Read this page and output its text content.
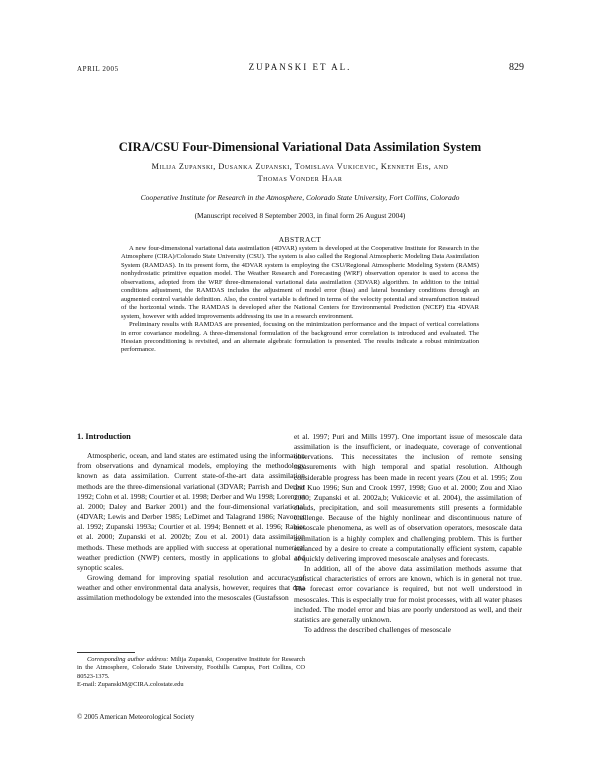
APRIL 2005	ZUPANSKI ET AL.	829
CIRA/CSU Four-Dimensional Variational Data Assimilation System
Milija Zupanski, Dusanka Zupanski, Tomislava Vukicevic, Kenneth Eis, and
Thomas Vonder Haar
Cooperative Institute for Research in the Atmosphere, Colorado State University, Fort Collins, Colorado
(Manuscript received 8 September 2003, in final form 26 August 2004)
ABSTRACT

A new four-dimensional variational data assimilation (4DVAR) system is developed at the Cooperative Institute for Research in the Atmosphere (CIRA)/Colorado State University (CSU). The system is also called the Regional Atmospheric Modeling Data Assimilation System (RAMDAS). In its present form, the 4DVAR system is employing the CSU/Regional Atmospheric Modeling System (RAMS) nonhydrostatic primitive equation model. The Weather Research and Forecasting (WRF) observation operator is used to access the observations, adopted from the WRF three-dimensional variational data assimilation (3DVAR) algorithm. In addition to the initial conditions adjustment, the RAMDAS includes the adjustment of model error (bias) and lateral boundary conditions through an augmented control variable definition. Also, the control variable is defined in terms of the velocity potential and streamfunction instead of the horizontal winds. The RAMDAS is developed after the National Centers for Environmental Prediction (NCEP) Eta 4DVAR system, however with added improvements addressing its use in a research environment.

Preliminary results with RAMDAS are presented, focusing on the minimization performance and the impact of vertical correlations in error covariance modeling. A three-dimensional formulation of the background error correlation is introduced and evaluated. The Hessian preconditioning is revisited, and an alternate algebraic formulation is presented. The results indicate a robust minimization performance.

1. Introduction

Atmospheric, ocean, and land states are estimated using the information from observations and dynamical models, employing the methodology known as data assimilation. Current state-of-the-art data assimilation methods are the three-dimensional variational (3DVAR; Parrish and Derber 1992; Cohn et al. 1998; Courtier et al. 1998; Derber and Wu 1998; Lorenc et al. 2000; Daley and Barker 2001) and the four-dimensional variational (4DVAR; Lewis and Derber 1985; LeDimet and Talagrand 1986; Navon et al. 1992; Zupanski 1993a; Courtier et al. 1994; Bennett et al. 1996; Rabier et al. 2000; Zupanski et al. 2002b; Zou et al. 2001) data assimilation methods. These methods are applied with success at operational numerical weather prediction (NWP) centers, mostly in applications to global and synoptic scales.

Growing demand for improving spatial resolution and accuracy of weather and other environmental data analysis, however, requires that data assimilation methodology be extended into the mesoscales (Gustafsson

et al. 1997; Puri and Mills 1997). One important issue of mesoscale data assimilation is the insufficient, or inadequate, coverage of conventional observations. This necessitates the inclusion of remote sensing measurements with high temporal and spatial resolution. Although considerable progress has been made in recent years (Zou et al. 1995; Zou and Kuo 1996; Sun and Crook 1997, 1998; Guo et al. 2000; Zou and Xiao 2000; Zupanski et al. 2002a,b; Vukicevic et al. 2004), the assimilation of clouds, precipitation, and soil measurements still presents a formidable challenge. Because of the highly nonlinear and discontinuous nature of mesoscale phenomena, as well as of observation operators, mesoscale data assimilation is a highly complex and challenging problem. This is further enhanced by a desire to create a computationally efficient system, capable of quickly delivering improved mesoscale analyses and forecasts.

In addition, all of the above data assimilation methods assume that statistical characteristics of errors are known, which is in general not true. The forecast error covariance is required, but not well understood in mesoscales. This is especially true for moist processes, with all water phases included. The model error and bias are poorly understood as well, and their statistics are generally unknown.

To address the described challenges of mesoscale

Corresponding author address: Milija Zupanski, Cooperative Institute for Research in the Atmosphere, Colorado State University, Foothills Campus, Fort Collins, CO 80523-1375.

E-mail: ZupanskiM@CIRA.colostate.edu

© 2005 American Meteorological Society
